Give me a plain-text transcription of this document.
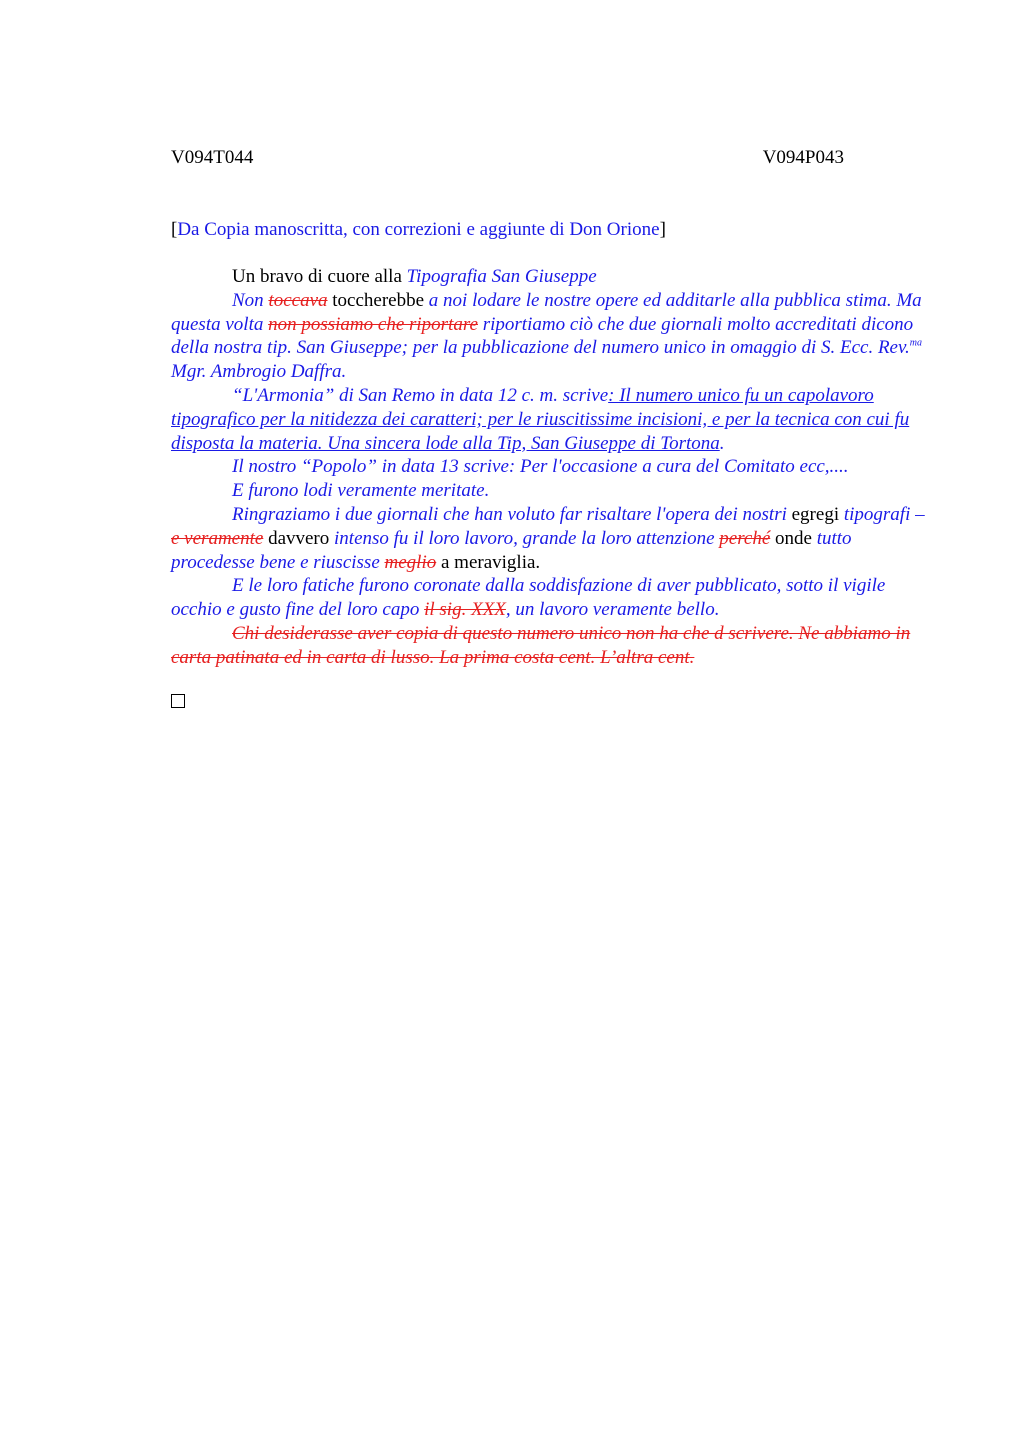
V094T044	V094P043
[Da Copia manoscritta, con correzioni e aggiunte di Don Orione]

Un bravo di cuore alla Tipografia San Giuseppe

Non toccava toccherebbe a noi lodare le nostre opere ed additarle alla pubblica stima. Ma questa volta non possiamo che riportare riportiamo ciò che due giornali molto accreditati dicono della nostra tip. San Giuseppe; per la pubblicazione del numero unico in omaggio di S. Ecc. Rev.$^{ma}$ Mgr. Ambrogio Daffra.

“L'Armonia” di San Remo in data 12 c. m. scrive: Il numero unico fu un capolavoro tipografico per la nitidezza dei caratteri; per le riuscitissime incisioni, e per la tecnica con cui fu disposta la materia. Una sincera lode alla Tip, San Giuseppe di Tortona.

Il nostro “Popolo” in data 13 scrive: Per l'occasione a cura del Comitato ecc,....

E furono lodi veramente meritate.

Ringraziamo i due giornali che han voluto far risaltare l'opera dei nostri egregi tipografi – e veramente davvero intenso fu il loro lavoro, grande la loro attenzione perché onde tutto procedesse bene e riuscisse meglio a meraviglia.

E le loro fatiche furono coronate dalla soddisfazione di aver pubblicato, sotto il vigile occhio e gusto fine del loro capo il sig. XXX, un lavoro veramente bello.

Chi desiderasse aver copia di questo numero unico non ha che d scrivere. Ne abbiamo in carta patinata ed in carta di lusso. La prima costa cent. L’altra cent.
